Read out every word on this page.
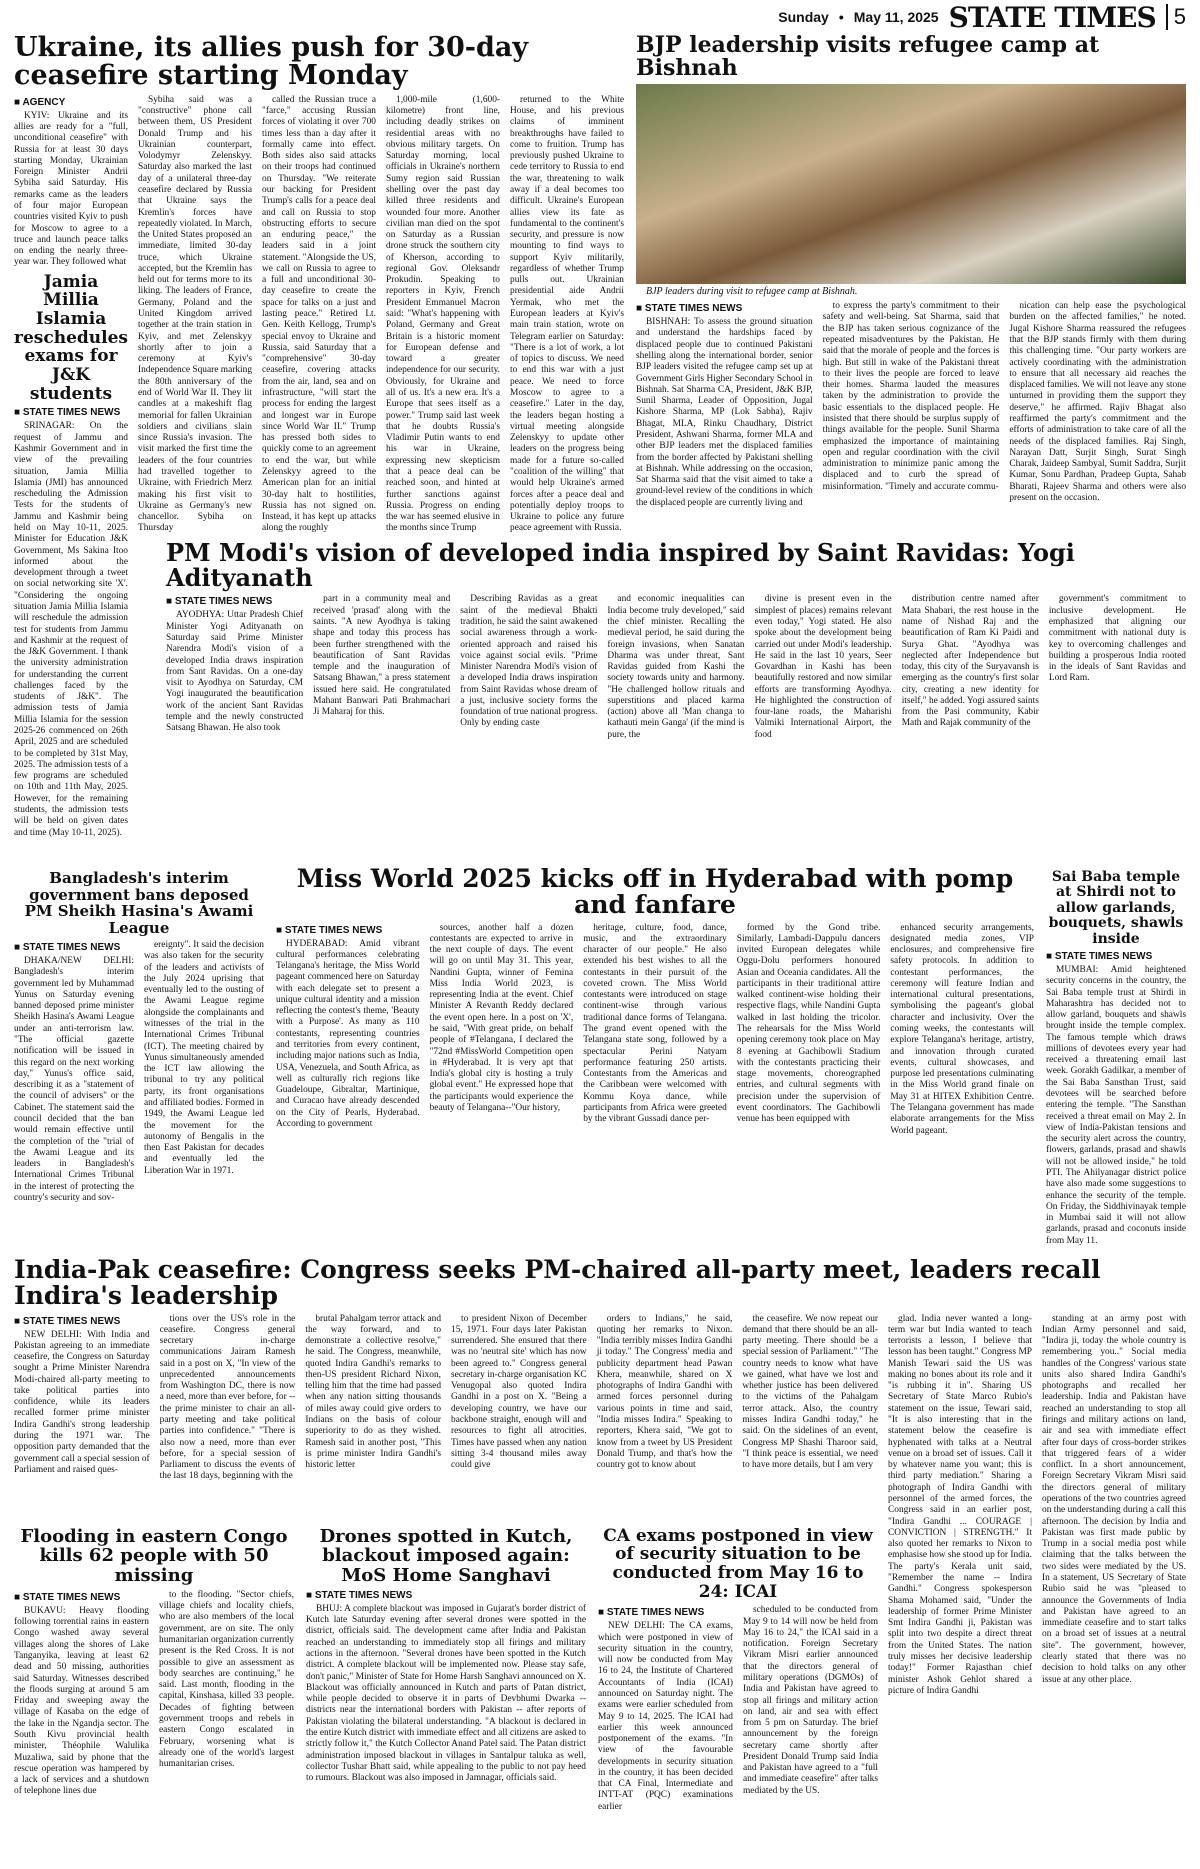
Sunday • May 11, 2025 STATE TIMES 5
Ukraine, its allies push for 30-day ceasefire starting Monday
■ AGENCY

KYIV: Ukraine and its allies are ready for a "full, unconditional ceasefire" with Russia for at least 30 days starting Monday, Ukrainian Foreign Minister Andrii Sybiha said Saturday. His remarks came as the leaders of four major European countries visited Kyiv to push for Moscow to agree to a truce and launch peace talks on ending the nearly three-year war. They followed what

Jamia Millia Islamia reschedules exams for J&K students
■ STATE TIMES NEWS

SRINAGAR: On the request of Jammu and Kashmir Government and in view of the prevailing situation, Jamia Millia Islamia (JMI) has announced rescheduling the Admission Tests for the students of Jammu and Kashmir being held on May 10-11, 2025. Minister for Education J&K Government, Ms Sakina Itoo informed about the development through a tweet on social networking site 'X'. "Considering the ongoing situation Jamia Millia Islamia will reschedule the admission test for students from Jammu and Kashmir at the request of the J&K Government. I thank the university administration for understanding the current challenges faced by the students of J&K". The admission tests of Jamia Millia Islamia for the session 2025-26 commenced on 26th April, 2025 and are scheduled to be completed by 31st May, 2025. The admission tests of a few programs are scheduled on 10th and 11th May, 2025. However, for the remaining students, the admission tests will be held on given dates and time (May 10-11, 2025).

Sybiha said was a "constructive" phone call between them, US President Donald Trump and his Ukrainian counterpart, Volodymyr Zelenskyy. Saturday also marked the last day of a unilateral three-day ceasefire declared by Russia that Ukraine says the Kremlin's forces have repeatedly violated. In March, the United States proposed an immediate, limited 30-day truce, which Ukraine accepted, but the Kremlin has held out for terms more to its liking. The leaders of France, Germany, Poland and the United Kingdom arrived together at the train station in Kyiv, and met Zelenskyy shortly after to join a ceremony at Kyiv's Independence Square marking the 80th anniversary of the end of World War II. They lit candles at a makeshift flag memorial for fallen Ukrainian soldiers and civilians slain since Russia's invasion. The visit marked the first time the leaders of the four countries had travelled together to Ukraine, with Friedrich Merz making his first visit to Ukraine as Germany's new chancellor. Sybiha on Thursday

called the Russian truce a "farce," accusing Russian forces of violating it over 700 times less than a day after it formally came into effect. Both sides also said attacks on their troops had continued on Thursday. "We reiterate our backing for President Trump's calls for a peace deal and call on Russia to stop obstructing efforts to secure an enduring peace," the leaders said in a joint statement. "Alongside the US, we call on Russia to agree to a full and unconditional 30-day ceasefire to create the space for talks on a just and lasting peace." Retired Lt. Gen. Keith Kellogg, Trump's special envoy to Ukraine and Russia, said Saturday that a "comprehensive" 30-day ceasefire, covering attacks from the air, land, sea and on infrastructure, "will start the process for ending the largest and longest war in Europe since World War II." Trump has pressed both sides to quickly come to an agreement to end the war, but while Zelenskyy agreed to the American plan for an initial 30-day halt to hostilities, Russia has not signed on. Instead, it has kept up attacks along the roughly

1,000-mile (1,600-kilometre) front line, including deadly strikes on residential areas with no obvious military targets. On Saturday morning, local officials in Ukraine's northern Sumy region said Russian shelling over the past day killed three residents and wounded four more. Another civilian man died on the spot on Saturday as a Russian drone struck the southern city of Kherson, according to regional Gov. Oleksandr Prokudin. Speaking to reporters in Kyiv, French President Emmanuel Macron said: "What's happening with Poland, Germany and Great Britain is a historic moment for European defense and toward a greater independence for our security. Obviously, for Ukraine and all of us. It's a new era. It's a Europe that sees itself as a power." Trump said last week that he doubts Russia's Vladimir Putin wants to end his war in Ukraine, expressing new skepticism that a peace deal can be reached soon, and hinted at further sanctions against Russia. Progress on ending the war has seemed elusive in the months since Trump

returned to the White House, and his previous claims of imminent breakthroughs have failed to come to fruition. Trump has previously pushed Ukraine to cede territory to Russia to end the war, threatening to walk away if a deal becomes too difficult. Ukraine's European allies view its fate as fundamental to the continent's security, and pressure is now mounting to find ways to support Kyiv militarily, regardless of whether Trump pulls out. Ukrainian presidential aide Andrii Yermak, who met the European leaders at Kyiv's main train station, wrote on Telegram earlier on Saturday: "There is a lot of work, a lot of topics to discuss. We need to end this war with a just peace. We need to force Moscow to agree to a ceasefire." Later in the day, the leaders began hosting a virtual meeting alongside Zelenskyy to update other leaders on the progress being made for a future so-called "coalition of the willing" that would help Ukraine's armed forces after a peace deal and potentially deploy troops to Ukraine to police any future peace agreement with Russia.

BJP leadership visits refugee camp at Bishnah
BJP leaders during visit to refugee camp at Bishnah.
■ STATE TIMES NEWS

BISHNAH: To assess the ground situation and understand the hardships faced by displaced people due to continued Pakistani shelling along the international border, senior BJP leaders visited the refugee camp set up at Government Girls Higher Secondary School in Bishnah. Sat Sharma CA, President, J&K BJP, Sunil Sharma, Leader of Opposition, Jugal Kishore Sharma, MP (Lok Sabha), Rajiv Bhagat, MLA, Rinku Chaudhary, District President, Ashwani Sharma, former MLA and other BJP leaders met the displaced families from the border affected by Pakistani shelling at Bishnah. While addressing on the occasion, Sat Sharma said that the visit aimed to take a ground-level review of the conditions in which the displaced people are currently living and

to express the party's commitment to their safety and well-being. Sat Sharma, said that the BJP has taken serious cognizance of the repeated misadventures by the Pakistan. He said that the morale of people and the forces is high. But still in wake of the Pakistani threat to their lives the people are forced to leave their homes. Sharma lauded the measures taken by the administration to provide the basic essentials to the displaced people. He insisted that there should be surplus supply of things available for the people. Sunil Sharma emphasized the importance of maintaining open and regular coordination with the civil administration to minimize panic among the displaced and to curb the spread of misinformation. "Timely and accurate commu-

nication can help ease the psychological burden on the affected families," he noted. Jugal Kishore Sharma reassured the refugees that the BJP stands firmly with them during this challenging time. "Our party workers are actively coordinating with the administration to ensure that all necessary aid reaches the displaced families. We will not leave any stone unturned in providing them the support they deserve," he affirmed. Rajiv Bhagat also reaffirmed the party's commitment and the efforts of administration to take care of all the needs of the displaced families. Raj Singh, Narayan Datt, Surjit Singh, Surat Singh Charak, Jaideep Sambyal, Sumit Saddra, Surjit Kumar, Sonu Pardhan, Pradeep Gupta, Sahab Bharati, Rajeev Sharma and others were also present on the occasion.

PM Modi's vision of developed india inspired by Saint Ravidas: Yogi Adityanath
■ STATE TIMES NEWS

AYODHYA: Uttar Pradesh Chief Minister Yogi Adityanath on Saturday said Prime Minister Narendra Modi's vision of a developed India draws inspiration from Sant Ravidas. On a one-day visit to Ayodhya on Saturday, CM Yogi inaugurated the beautification work of the ancient Sant Ravidas temple and the newly constructed Satsang Bhawan. He also took

part in a community meal and received 'prasad' along with the saints. "A new Ayodhya is taking shape and today this process has been further strengthened with the beautification of Sant Ravidas temple and the inauguration of Satsang Bhawan," a press statement issued here said. He congratulated Mahant Banwari Pati Brahmachari Ji Maharaj for this.

Describing Ravidas as a great saint of the medieval Bhakti tradition, he said the saint awakened social awareness through a work-oriented approach and raised his voice against social evils. "Prime Minister Narendra Modi's vision of a developed India draws inspiration from Saint Ravidas whose dream of a just, inclusive society forms the foundation of true national progress. Only by ending caste

and economic inequalities can India become truly developed," said the chief minister. Recalling the medieval period, he said during the foreign invasions, when Sanatan Dharma was under threat, Sant Ravidas guided from Kashi the society towards unity and harmony. "He challenged hollow rituals and superstitions and placed karma (action) above all 'Man changa to kathauti mein Ganga' (if the mind is pure, the

divine is present even in the simplest of places) remains relevant even today," Yogi stated. He also spoke about the development being carried out under Modi's leadership. He said in the last 10 years, Seer Govardhan in Kashi has been beautifully restored and now similar efforts are transforming Ayodhya. He highlighted the construction of four-lane roads, the Maharishi Valmiki International Airport, the food

distribution centre named after Mata Shabari, the rest house in the name of Nishad Raj and the beautification of Ram Ki Paidi and Surya Ghat. "Ayodhya was neglected after Independence but today, this city of the Suryavansh is emerging as the country's first solar city, creating a new identity for itself," he added. Yogi assured saints from the Pasi community, Kabir Math and Rajak community of the

government's commitment to inclusive development. He emphasized that aligning our commitment with national duty is key to overcoming challenges and building a prosperous India rooted in the ideals of Sant Ravidas and Lord Ram.

Bangladesh's interim government bans deposed PM Sheikh Hasina's Awami League
■ STATE TIMES NEWS

DHAKA/NEW DELHI: Bangladesh's interim government led by Muhammad Yunus on Saturday evening banned deposed prime minister Sheikh Hasina's Awami League under an anti-terrorism law. "The official gazette notification will be issued in this regard on the next working day," Yunus's office said, describing it as a "statement of the council of advisers" or the Cabinet. The statement said the council decided that the ban would remain effective until the completion of the "trial of the Awami League and its leaders in Bangladesh's International Crimes Tribunal in the interest of protecting the country's security and sov-

ereignty". It said the decision was also taken for the security of the leaders and activists of the July 2024 uprising that eventually led to the ousting of the Awami League regime alongside the complainants and witnesses of the trial in the International Crimes Tribunal (ICT). The meeting chaired by Yunus simultaneously amended the ICT law allowing the tribunal to try any political party, its front organisations and affiliated bodies. Formed in 1949, the Awami League led the movement for the autonomy of Bengalis in the then East Pakistan for decades and eventually led the Liberation War in 1971.

Miss World 2025 kicks off in Hyderabad with pomp and fanfare
■ STATE TIMES NEWS

HYDERABAD: Amid vibrant cultural performances celebrating Telangana's heritage, the Miss World pageant commenced here on Saturday with each delegate set to present a unique cultural identity and a mission reflecting the contest's theme, 'Beauty with a Purpose'. As many as 110 contestants, representing countries and territories from every continent, including major nations such as India, USA, Venezuela, and South Africa, as well as culturally rich regions like Guadeloupe, Gibraltar, Martinique, and Curacao have already descended on the City of Pearls, Hyderabad. According to government

sources, another half a dozen contestants are expected to arrive in the next couple of days. The event will go on until May 31. This year, Nandini Gupta, winner of Femina Miss India World 2023, is representing India at the event. Chief Minister A Revanth Reddy declared the event open here. In a post on 'X', he said, "With great pride, on behalf people of #Telangana, I declared the "72nd #MissWorld Competition open in #Hyderabad. It is very apt that India's global city is hosting a truly global event." He expressed hope that the participants would experience the beauty of Telangana--"Our history,

heritage, culture, food, dance, music, and the extraordinary character of our people." He also extended his best wishes to all the contestants in their pursuit of the coveted crown. The Miss World contestants were introduced on stage continent-wise through various traditional dance forms of Telangana. The grand event opened with the Telangana state song, followed by a spectacular Perini Natyam performance featuring 250 artists. Contestants from the Americas and the Caribbean were welcomed with Kommu Koya dance, while participants from Africa were greeted by the vibrant Gussadi dance per-

formed by the Gond tribe. Similarly, Lambadi-Dappulu dancers invited European delegates while Oggu-Dolu performers honoured Asian and Oceania candidates. All the participants in their traditional attire walked continent-wise holding their respective flags, while Nandini Gupta walked in last holding the tricolor. The rehearsals for the Miss World opening ceremony took place on May 8 evening at Gachibowli Stadium with the contestants practicing their stage movements, choreographed entries, and cultural segments with precision under the supervision of event coordinators. The Gachibowli venue has been equipped with

enhanced security arrangements, designated media zones, VIP enclosures, and comprehensive fire safety protocols. In addition to contestant performances, the ceremony will feature Indian and international cultural presentations, symbolising the pageant's global character and inclusivity. Over the coming weeks, the contestants will explore Telangana's heritage, artistry, and innovation through curated events, cultural showcases, and purpose led presentations culminating in the Miss World grand finale on May 31 at HITEX Exhibition Centre. The Telangana government has made elaborate arrangements for the Miss World pageant.

Sai Baba temple at Shirdi not to allow garlands, bouquets, shawls inside
■ STATE TIMES NEWS

MUMBAI: Amid heightened security concerns in the country, the Sai Baba temple trust at Shirdi in Maharashtra has decided not to allow garland, bouquets and shawls brought inside the temple complex. The famous temple which draws millions of devotees every year had received a threatening email last week. Gorakh Gadilkar, a member of the Sai Baba Sansthan Trust, said devotees will be searched before entering the temple. "The Sansthan received a threat email on May 2. In view of India-Pakistan tensions and the security alert across the country, flowers, garlands, prasad and shawls will not be allowed inside," he told PTI. The Ahilyanagar district police have also made some suggestions to enhance the security of the temple. On Friday, the Siddhivinayak temple in Mumbai said it will not allow garlands, prasad and coconuts inside from May 11.

India-Pak ceasefire: Congress seeks PM-chaired all-party meet, leaders recall Indira's leadership
■ STATE TIMES NEWS

NEW DELHI: With India and Pakistan agreeing to an immediate ceasefire, the Congress on Saturday sought a Prime Minister Narendra Modi-chaired all-party meeting to take political parties into confidence, while its leaders recalled former prime minister Indira Gandhi's strong leadership during the 1971 war. The opposition party demanded that the government call a special session of Parliament and raised ques-

tions over the US's role in the ceasefire. Congress general secretary in-charge communications Jairam Ramesh said in a post on X, "In view of the unprecedented announcements from Washington DC, there is now a need, more than ever before, for -- the prime minister to chair an all-party meeting and take political parties into confidence." "There is also now a need, more than ever before, for a special session of Parliament to discuss the events of the last 18 days, beginning with the

brutal Pahalgam terror attack and the way forward, and to demonstrate a collective resolve," he said. The Congress, meanwhile, quoted Indira Gandhi's remarks to then-US president Richard Nixon, telling him that the time had passed when any nation sitting thousands of miles away could give orders to Indians on the basis of colour superiority to do as they wished. Ramesh said in another post, "This is prime minister Indira Gandhi's historic letter

to president Nixon of December 15, 1971. Four days later Pakistan surrendered. She ensured that there was no 'neutral site' which has now been agreed to." Congress general secretary in-charge organisation KC Venugopal also quoted Indira Gandhi in a post on X. "Being a developing country, we have our backbone straight, enough will and resources to fight all atrocities. Times have passed when any nation sitting 3-4 thousand miles away could give

orders to Indians," he said, quoting her remarks to Nixon. "India terribly misses Indira Gandhi ji today." The Congress' media and publicity department head Pawan Khera, meanwhile, shared on X photographs of Indira Gandhi with armed forces personnel during various points in time and said, "India misses Indira." Speaking to reporters, Khera said, "We got to know from a tweet by US President Donald Trump, and that's how the country got to know about

the ceasefire. We now repeat our demand that there should be an all-party meeting. There should be a special session of Parliament." "The country needs to know what have we gained, what have we lost and whether justice has been delivered to the victims of the Pahalgam terror attack. Also, the country misses Indira Gandhi today," he said. On the sidelines of an event, Congress MP Shashi Tharoor said, "I think peace is essential, we need to have more details, but I am very

Flooding in eastern Congo kills 62 people with 50 missing
■ STATE TIMES NEWS

BUKAVU: Heavy flooding following torrential rains in eastern Congo washed away several villages along the shores of Lake Tanganyika, leaving at least 62 dead and 50 missing, authorities said Saturday. Witnesses described the floods surging at around 5 am Friday and sweeping away the village of Kasaba on the edge of the lake in the Ngandja sector. The South Kivu provincial health minister, Théophile Walulika Muzaliwa, said by phone that the rescue operation was hampered by a lack of services and a shutdown of telephone lines due

to the flooding. "Sector chiefs, village chiefs and locality chiefs, who are also members of the local government, are on site. The only humanitarian organization currently present is the Red Cross. It is not possible to give an assessment as body searches are continuing," he said. Last month, flooding in the capital, Kinshasa, killed 33 people. Decades of fighting between government troops and rebels in eastern Congo escalated in February, worsening what is already one of the world's largest humanitarian crises.

Drones spotted in Kutch, blackout imposed again: MoS Home Sanghavi
■ STATE TIMES NEWS

BHUJ: A complete blackout was imposed in Gujarat's border district of Kutch late Saturday evening after several drones were spotted in the district, officials said. The development came after India and Pakistan reached an understanding to immediately stop all firings and military actions in the afternoon. "Several drones have been spotted in the Kutch district. A complete blackout will be implemented now. Please stay safe, don't panic," Minister of State for Home Harsh Sanghavi announced on X. Blackout was officially announced in Kutch and parts of Patan district, while people decided to observe it in parts of Devbhumi Dwarka -- districts near the international borders with Pakistan -- after reports of Pakistan violating the bilateral understanding. "A blackout is declared in the entire Kutch district with immediate effect and all citizens are asked to strictly follow it," the Kutch Collector Anand Patel said. The Patan district administration imposed blackout in villages in Santalpur taluka as well, collector Tushar Bhatt said, while appealing to the public to not pay heed to rumours. Blackout was also imposed in Jamnagar, officials said.

CA exams postponed in view of security situation to be conducted from May 16 to 24: ICAI
■ STATE TIMES NEWS

NEW DELHI: The CA exams, which were postponed in view of security situation in the country, will now be conducted from May 16 to 24, the Institute of Chartered Accountants of India (ICAI) announced on Saturday night. The exams were earlier scheduled from May 9 to 14, 2025. The ICAI had earlier this week announced postponement of the exams. "In view of the favourable developments in security situation in the country, it has been decided that CA Final, Intermediate and INTT-AT (PQC) examinations earlier

scheduled to be conducted from May 9 to 14 will now be held from May 16 to 24," the ICAI said in a notification. Foreign Secretary Vikram Misri earlier announced that the directors general of military operations (DGMOs) of India and Pakistan have agreed to stop all firings and military action on land, air and sea with effect from 5 pm on Saturday. The brief announcement by the foreign secretary came shortly after President Donald Trump said India and Pakistan have agreed to a "full and immediate ceasefire" after talks mediated by the US.

glad. India never wanted a long-term war but India wanted to teach terrorists a lesson, I believe that lesson has been taught." Congress MP Manish Tewari said the US was making no bones about its role and it "is rubbing it in". Sharing US Secretary of State Marco Rubio's statement on the issue, Tewari said, "It is also interesting that in the statement below the ceasefire is hyphenated with talks at a Neutral venue on a broad set of issues. Call it by whatever name you want; this is third party mediation." Sharing a photograph of Indira Gandhi with personnel of the armed forces, the Congress said in an earlier post, "Indira Gandhi ... COURAGE | CONVICTION | STRENGTH." It also quoted her remarks to Nixon to emphasise how she stood up for India. The party's Kerala unit said, "Remember the name -- Indira Gandhi." Congress spokesperson Shama Mohamed said, "Under the leadership of former Prime Minister Smt Indira Gandhi ji, Pakistan was split into two despite a direct threat from the United States. The nation truly misses her decisive leadership today!" Former Rajasthan chief minister Ashok Gehlot shared a picture of Indira Gandhi

standing at an army post with Indian Army personnel and said, "Indira ji, today the whole country is remembering you.." Social media handles of the Congress' various state units also shared Indira Gandhi's photographs and recalled her leadership. India and Pakistan have reached an understanding to stop all firings and military actions on land, air and sea with immediate effect after four days of cross-border strikes that triggered fears of a wider conflict. In a short announcement, Foreign Secretary Vikram Misri said the directors general of military operations of the two countries agreed on the understanding during a call this afternoon. The decision by India and Pakistan was first made public by Trump in a social media post while claiming that the talks between the two sides were mediated by the US. In a statement, US Secretary of State Rubio said he was "pleased to announce the Governments of India and Pakistan have agreed to an immediate ceasefire and to start talks on a broad set of issues at a neutral site". The government, however, clearly stated that there was no decision to hold talks on any other issue at any other place.
